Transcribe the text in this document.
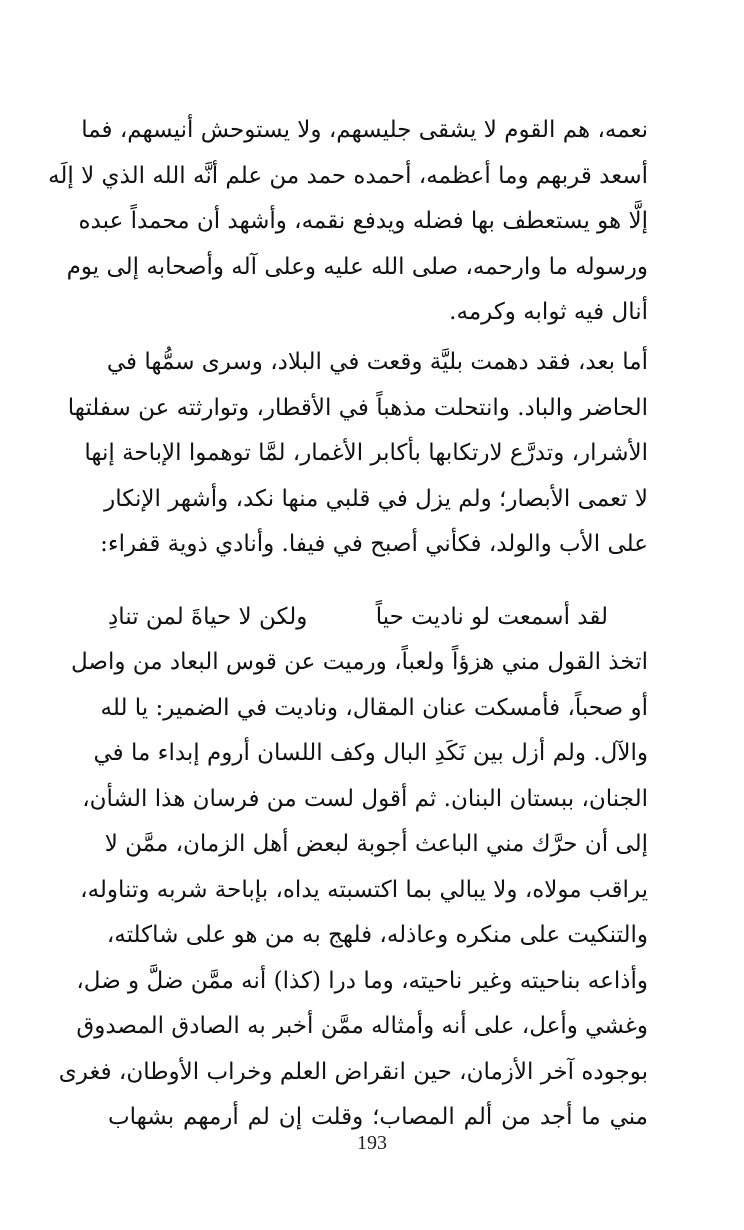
نعمه، هم القوم لا يشقى جليسهم، ولا يستوحش أنيسهم، فما
أسعد قربهم وما أعظمه، أحمده حمد من علم أنَّه الله الذي لا إلَه
إلَّا هو يستعطف بها فضله ويدفع نقمه، وأشهد أن محمداً عبده
ورسوله ما وارحمه، صلى الله عليه وعلى آله وأصحابه إلى يوم
أنال فيه ثوابه وكرمه.
أما بعد، فقد دهمت بليَّة وقعت في البلاد، وسرى سمُّها في
الحاضر والباد. وانتحلت مذهباً في الأقطار، وتوارثته عن سفلتها
الأشرار، وتدرَّع لارتكابها بأكابر الأغمار، لمَّا توهموا الإباحة إنها
لا تعمى الأبصار؛ ولم يزل في قلبي منها نكد، وأشهر الإنكار
على الأب والولد، فكأني أصبح في فيفا. وأنادي ذوية قفراء:
لقد أسمعت لو ناديت حياً
ولكن لا حياةَ لمن تنادِ
اتخذ القول مني هزؤاً ولعباً، ورميت عن قوس البعاد من واصل
أو صحباً، فأمسكت عنان المقال، وناديت في الضمير: يا لله
والآل. ولم أزل بين نَكَدِ البال وكف اللسان أروم إبداء ما في
الجنان، ببستان البنان. ثم أقول لست من فرسان هذا الشأن،
إلى أن حرَّك مني الباعث أجوبة لبعض أهل الزمان، ممَّن لا
يراقب مولاه، ولا يبالي بما اكتسبته يداه، بإباحة شربه وتناوله،
والتنكيت على منكره وعاذله، فلهج به من هو على شاكلته،
وأذاعه بناحيته وغير ناحيته، وما درا (كذا) أنه ممَّن ضلَّ و ضل،
وغشي وأعل، على أنه وأمثاله ممَّن أخبر به الصادق المصدوق
بوجوده آخر الأزمان، حين انقراض العلم وخراب الأوطان، فغرى
مني ما أجد من ألم المصاب؛ وقلت إن لم أرمهم بشهاب
193
